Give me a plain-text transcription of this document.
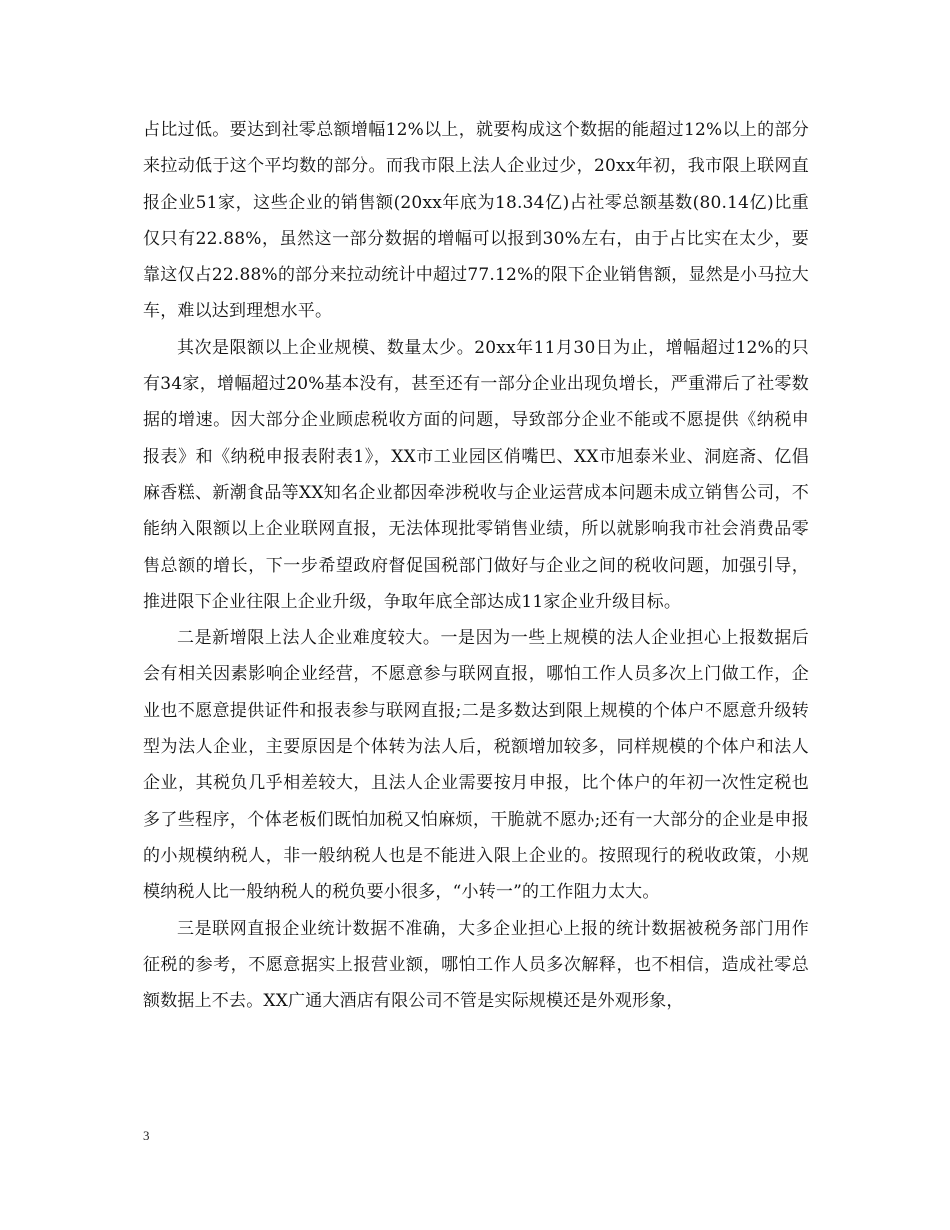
占比过低。要达到社零总额增幅12%以上，就要构成这个数据的能超过12%以上的部分来拉动低于这个平均数的部分。而我市限上法人企业过少，20xx年初，我市限上联网直报企业51家，这些企业的销售额(20xx年底为18.34亿)占社零总额基数(80.14亿)比重仅只有22.88%，虽然这一部分数据的增幅可以报到30%左右，由于占比实在太少，要靠这仅占22.88%的部分来拉动统计中超过77.12%的限下企业销售额，显然是小马拉大车，难以达到理想水平。

其次是限额以上企业规模、数量太少。20xx年11月30日为止，增幅超过12%的只有34家，增幅超过20%基本没有，甚至还有一部分企业出现负增长，严重滞后了社零数据的增速。因大部分企业顾虑税收方面的问题，导致部分企业不能或不愿提供《纳税申报表》和《纳税申报表附表1》，XX市工业园区俏嘴巴、XX市旭泰米业、洞庭斋、亿倡麻香糕、新潮食品等XX知名企业都因牵涉税收与企业运营成本问题未成立销售公司，不能纳入限额以上企业联网直报，无法体现批零销售业绩，所以就影响我市社会消费品零售总额的增长，下一步希望政府督促国税部门做好与企业之间的税收问题，加强引导，推进限下企业往限上企业升级，争取年底全部达成11家企业升级目标。

二是新增限上法人企业难度较大。一是因为一些上规模的法人企业担心上报数据后会有相关因素影响企业经营，不愿意参与联网直报，哪怕工作人员多次上门做工作，企业也不愿意提供证件和报表参与联网直报;二是多数达到限上规模的个体户不愿意升级转型为法人企业，主要原因是个体转为法人后，税额增加较多，同样规模的个体户和法人企业，其税负几乎相差较大，且法人企业需要按月申报，比个体户的年初一次性定税也多了些程序，个体老板们既怕加税又怕麻烦，干脆就不愿办;还有一大部分的企业是申报的小规模纳税人，非一般纳税人也是不能进入限上企业的。按照现行的税收政策，小规模纳税人比一般纳税人的税负要小很多，“小转一”的工作阻力太大。

三是联网直报企业统计数据不准确，大多企业担心上报的统计数据被税务部门用作征税的参考，不愿意据实上报营业额，哪怕工作人员多次解释，也不相信，造成社零总额数据上不去。XX广通大酒店有限公司不管是实际规模还是外观形象，

3
